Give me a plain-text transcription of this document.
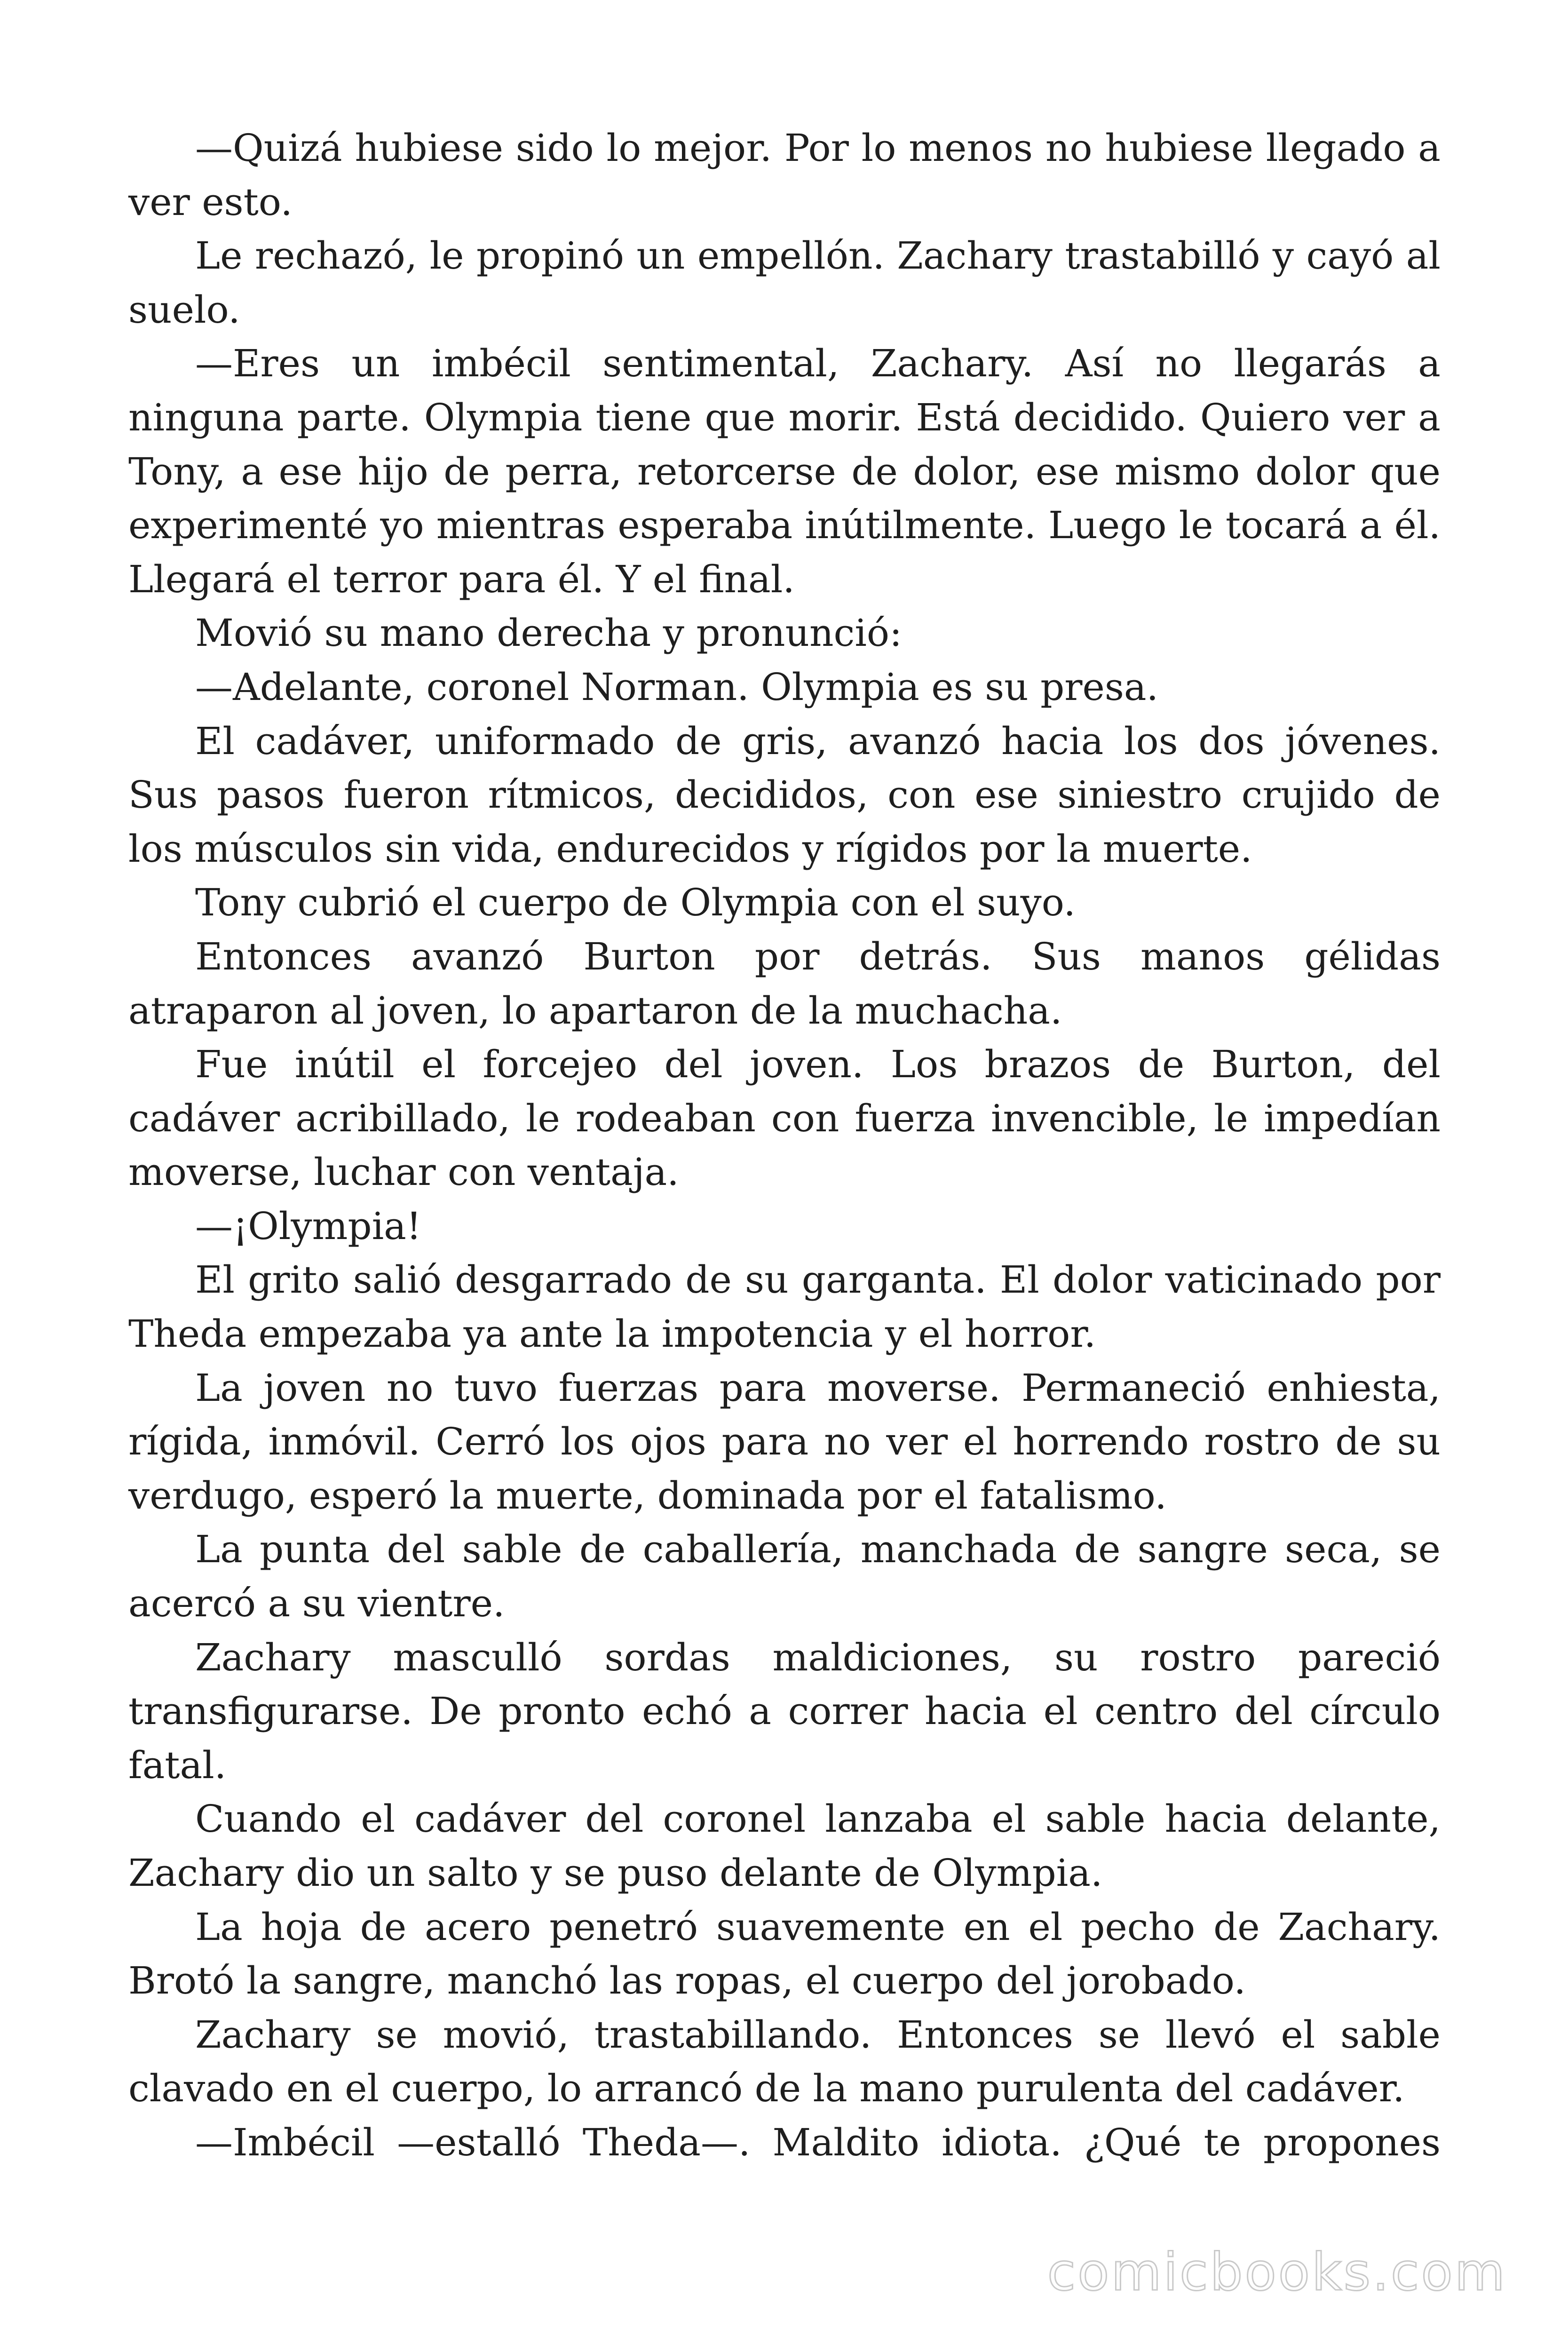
—Quizá hubiese sido lo mejor. Por lo menos no hubiese llegado a ver esto.

Le rechazó, le propinó un empellón. Zachary trastabilló y cayó al suelo.

—Eres un imbécil sentimental, Zachary. Así no llegarás a ninguna parte. Olympia tiene que morir. Está decidido. Quiero ver a Tony, a ese hijo de perra, retorcerse de dolor, ese mismo dolor que experimenté yo mientras esperaba inútilmente. Luego le tocará a él. Llegará el terror para él. Y el final.

Movió su mano derecha y pronunció:

—Adelante, coronel Norman. Olympia es su presa.

El cadáver, uniformado de gris, avanzó hacia los dos jóvenes. Sus pasos fueron rítmicos, decididos, con ese siniestro crujido de los músculos sin vida, endurecidos y rígidos por la muerte.

Tony cubrió el cuerpo de Olympia con el suyo.

Entonces avanzó Burton por detrás. Sus manos gélidas atraparon al joven, lo apartaron de la muchacha.

Fue inútil el forcejeo del joven. Los brazos de Burton, del cadáver acribillado, le rodeaban con fuerza invencible, le impedían moverse, luchar con ventaja.

—¡Olympia!

El grito salió desgarrado de su garganta. El dolor vaticinado por Theda empezaba ya ante la impotencia y el horror.

La joven no tuvo fuerzas para moverse. Permaneció enhiesta, rígida, inmóvil. Cerró los ojos para no ver el horrendo rostro de su verdugo, esperó la muerte, dominada por el fatalismo.

La punta del sable de caballería, manchada de sangre seca, se acercó a su vientre.

Zachary masculló sordas maldiciones, su rostro pareció transfigurarse. De pronto echó a correr hacia el centro del círculo fatal.

Cuando el cadáver del coronel lanzaba el sable hacia delante, Zachary dio un salto y se puso delante de Olympia.

La hoja de acero penetró suavemente en el pecho de Zachary. Brotó la sangre, manchó las ropas, el cuerpo del jorobado.

Zachary se movió, trastabillando. Entonces se llevó el sable clavado en el cuerpo, lo arrancó de la mano purulenta del cadáver.

—Imbécil —estalló Theda—. Maldito idiota. ¿Qué te propones

comicbooks.com
